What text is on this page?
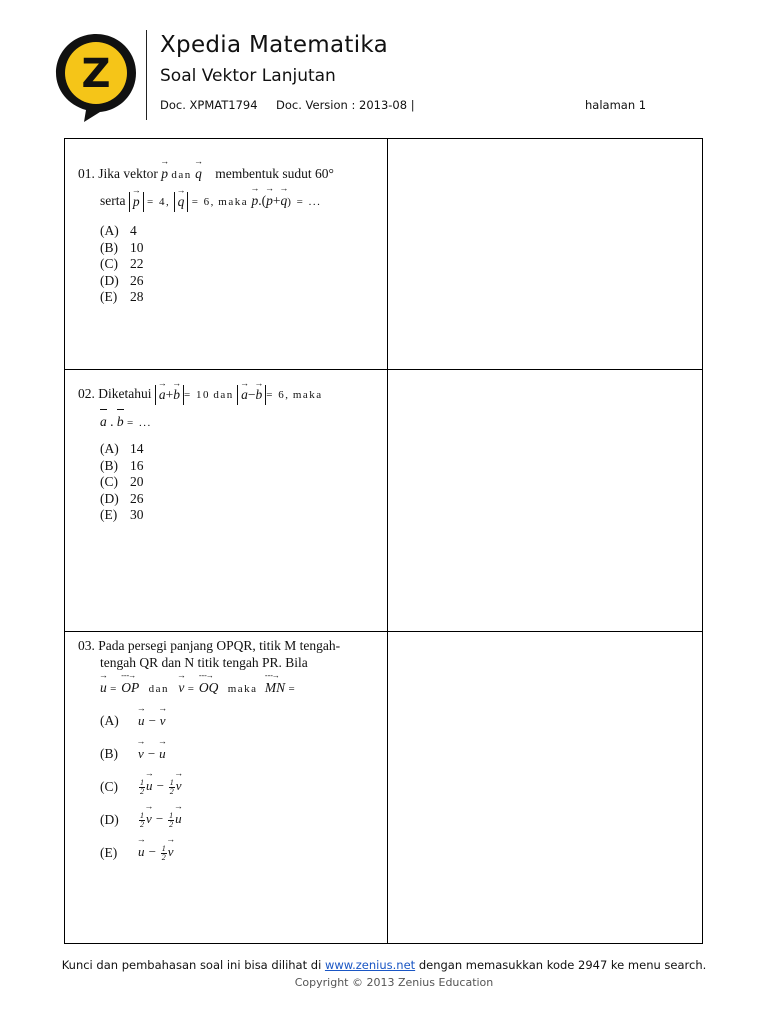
Z
Xpedia Matematika
Soal Vektor Lanjutan
Doc. XPMAT1794 Doc. Version : 2013-08 |	halaman 1
01. Jika vektor → p dan → q membentuk sudut 60°
serta → p = 4, → q = 6, maka → p.(→ p+→ q) = ...
(A) 4
(B) 10
(C) 22
(D) 26
(E) 28
02. Diketahui → a+→ b = 10 dan → a−→ b = 6, maka
a . b = ...
(A) 14
(B) 16
(C) 20
(D) 26
(E) 30
03. Pada persegi panjang OPQR, titik M tengah-
tengah QR dan N titik tengah PR. Bila
→ u = - - -→ OP dan → v = - - -→ OQ maka - - -→ MN =
(A)
→	u − → v
(B)
→	v − → u
(C)	$\frac{1}{2}$
→ $u - \frac{1}{2}$
→ v
(D)	$\frac{1}{2}$
→ $v - \frac{1}{2}$
→ u
(E)
→	$u - \frac{1}{2}$
→ v
Kunci dan pembahasan soal ini bisa dilihat di www.zenius.net dengan memasukkan kode 2947 ke menu search.
Copyright © 2013 Zenius Education
